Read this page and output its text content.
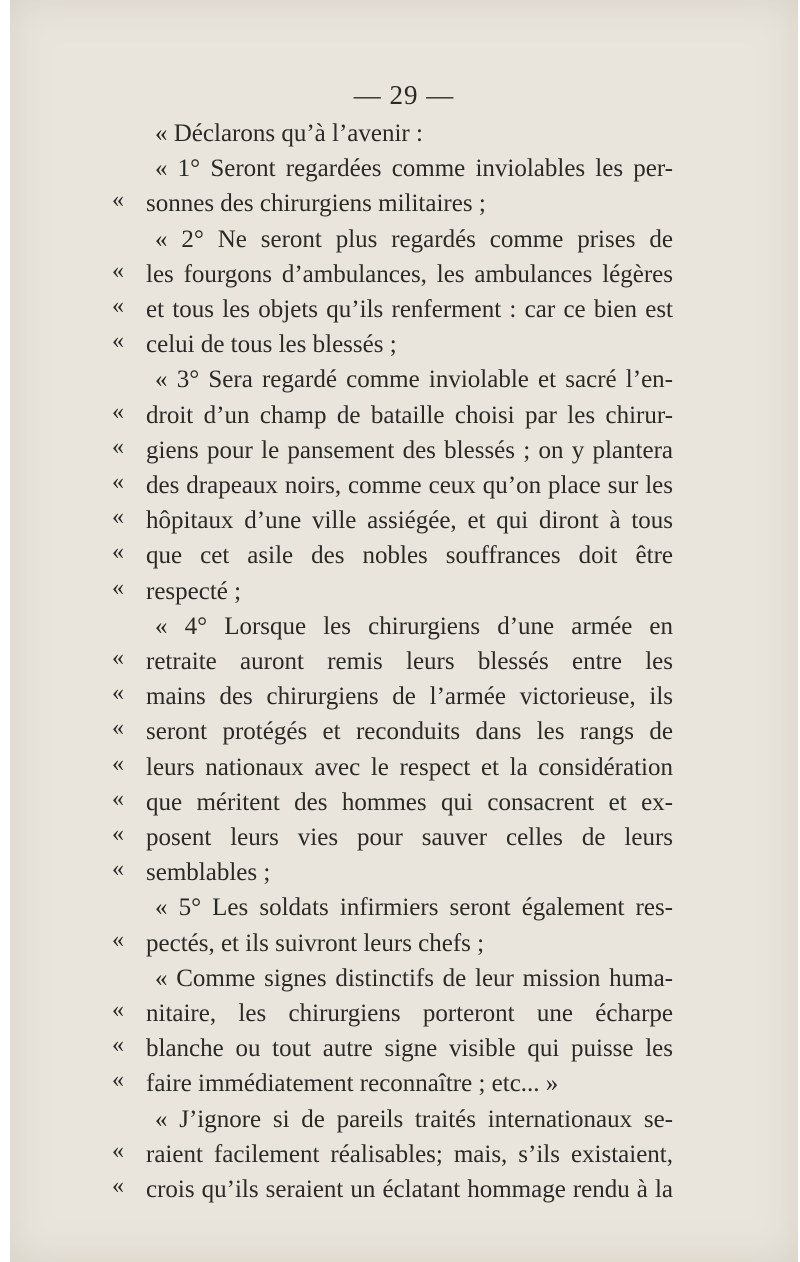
— 29 —
« Déclarons qu’à l’avenir :
« 1° Seront regardées comme inviolables les per-
« sonnes des chirurgiens militaires ;
« 2° Ne seront plus regardés comme prises de
« les fourgons d’ambulances, les ambulances légères
« et tous les objets qu’ils renferment : car ce bien est
« celui de tous les blessés ;
« 3° Sera regardé comme inviolable et sacré l’en-
« droit d’un champ de bataille choisi par les chirur-
« giens pour le pansement des blessés ; on y plantera
« des drapeaux noirs, comme ceux qu’on place sur les
« hôpitaux d’une ville assiégée, et qui diront à tous
« que cet asile des nobles souffrances doit être
« respecté ;
« 4° Lorsque les chirurgiens d’une armée en
« retraite auront remis leurs blessés entre les
« mains des chirurgiens de l’armée victorieuse, ils
« seront protégés et reconduits dans les rangs de
« leurs nationaux avec le respect et la considération
« que méritent des hommes qui consacrent et ex-
« posent leurs vies pour sauver celles de leurs
« semblables ;
« 5° Les soldats infirmiers seront également res-
« pectés, et ils suivront leurs chefs ;
« Comme signes distinctifs de leur mission huma-
« nitaire, les chirurgiens porteront une écharpe
« blanche ou tout autre signe visible qui puisse les
« faire immédiatement reconnaître ; etc... »
« J’ignore si de pareils traités internationaux se-
« raient facilement réalisables; mais, s’ils existaient,
« crois qu’ils seraient un éclatant hommage rendu à la
